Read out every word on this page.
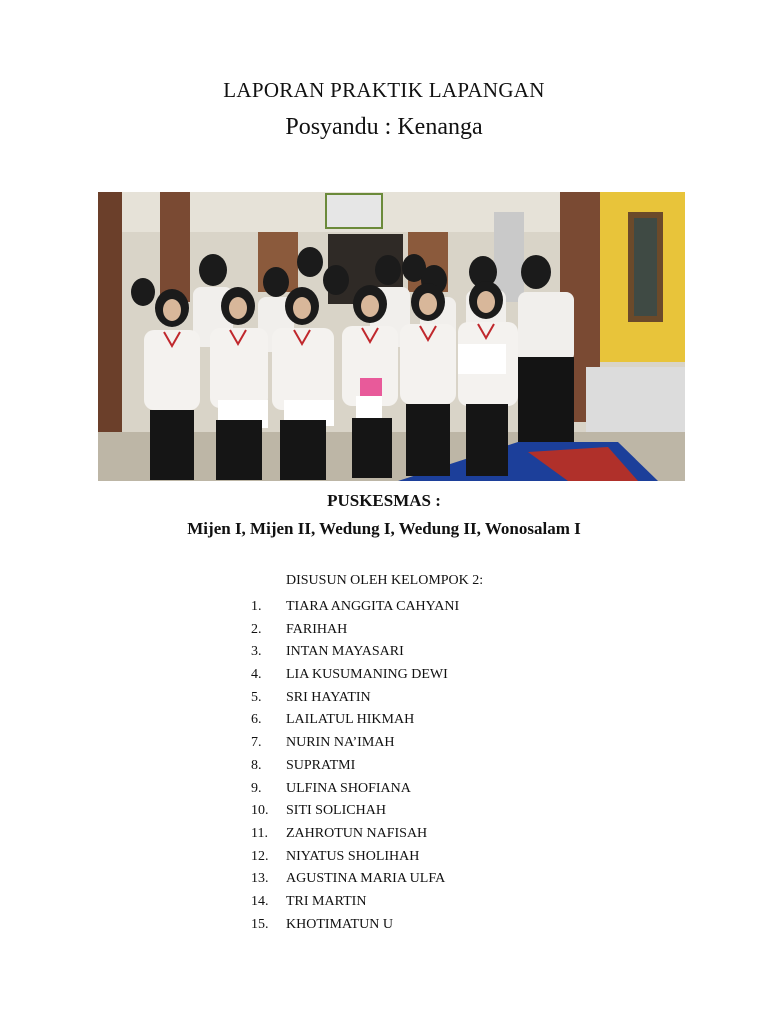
LAPORAN PRAKTIK LAPANGAN
Posyandu : Kenanga
PUSKESMAS :
Mijen I, Mijen II, Wedung I, Wedung II, Wonosalam I
DISUSUN OLEH KELOMPOK 2:
1.	TIARA ANGGITA CAHYANI
2.	FARIHAH
3.	INTAN MAYASARI
4.	LIA KUSUMANING DEWI
5.	SRI HAYATIN
6.	LAILATUL HIKMAH
7.	NURIN NA’IMAH
8.	SUPRATMI
9.	ULFINA SHOFIANA
10.	SITI SOLICHAH
11.	ZAHROTUN NAFISAH
12.	NIYATUS SHOLIHAH
13.	AGUSTINA MARIA ULFA
14.	TRI MARTIN
15.	KHOTIMATUN U
